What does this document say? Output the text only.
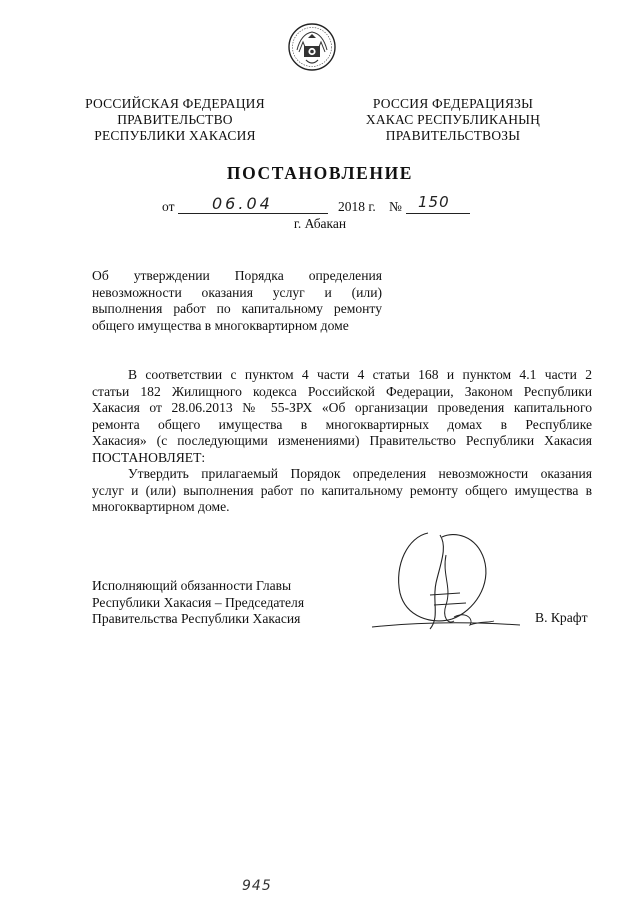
РОССИЙСКАЯ ФЕДЕРАЦИЯ
ПРАВИТЕЛЬСТВО
РЕСПУБЛИКИ ХАКАСИЯ
РОССИЯ ФЕДЕРАЦИЯЗЫ
ХАКАС РЕСПУБЛИКАНЫҢ
ПРАВИТЕЛЬСТВОЗЫ
ПОСТАНОВЛЕНИЕ
от 06.04	2018 г. № 150
г. Абакан
Об утверждении Порядка определения
невозможности оказания услуг и (или)
выполнения работ по капитальному ремонту
общего имущества в многоквартирном доме
В соответствии с пунктом 4 части 4 статьи 168 и пунктом 4.1 части 2
статьи 182 Жилищного кодекса Российской Федерации, Законом Республики
Хакасия от 28.06.2013 № 55-ЗРХ «Об организации проведения капитального
ремонта общего имущества в многоквартирных домах в Республике
Хакасия» (с последующими изменениями) Правительство Республики Хакасия
ПОСТАНОВЛЯЕТ:
Утвердить прилагаемый Порядок определения невозможности оказания
услуг и (или) выполнения работ по капитальному ремонту общего имущества в
многоквартирном доме.
Исполняющий обязанности Главы
Республики Хакасия – Председателя
Правительства Республики Хакасия	В. Крафт
945
